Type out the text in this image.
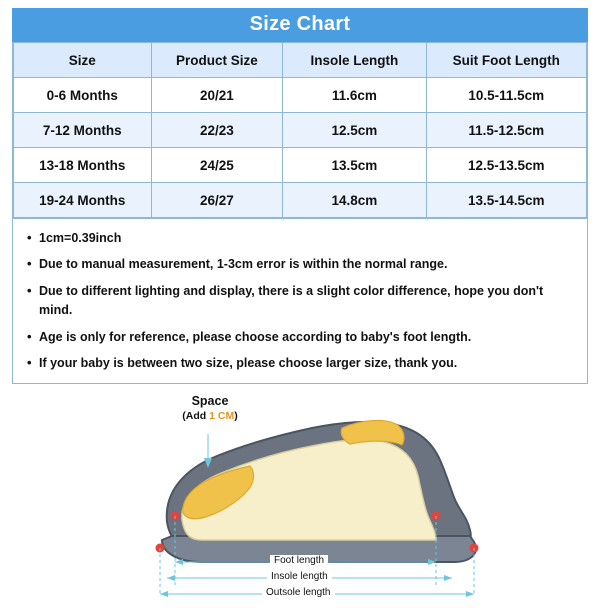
Size Chart
Size	Product Size	Insole Length	Suit Foot Length
0-6 Months	20/21	11.6cm	10.5-11.5cm
7-12 Months	22/23	12.5cm	11.5-12.5cm
13-18 Months	24/25	13.5cm	12.5-13.5cm
19-24 Months	26/27	14.8cm	13.5-14.5cm
• 1cm=0.39inch
• Due to manual measurement, 1-3cm error is within the normal range.
• Due to different lighting and display, there is a slight color difference, hope you don't mind.
• Age is only for reference, please choose according to baby's foot length.
• If your baby is between two size, please choose larger size, thank you.
Space
(Add 1 CM)
Foot length
Insole length
Outsole length
